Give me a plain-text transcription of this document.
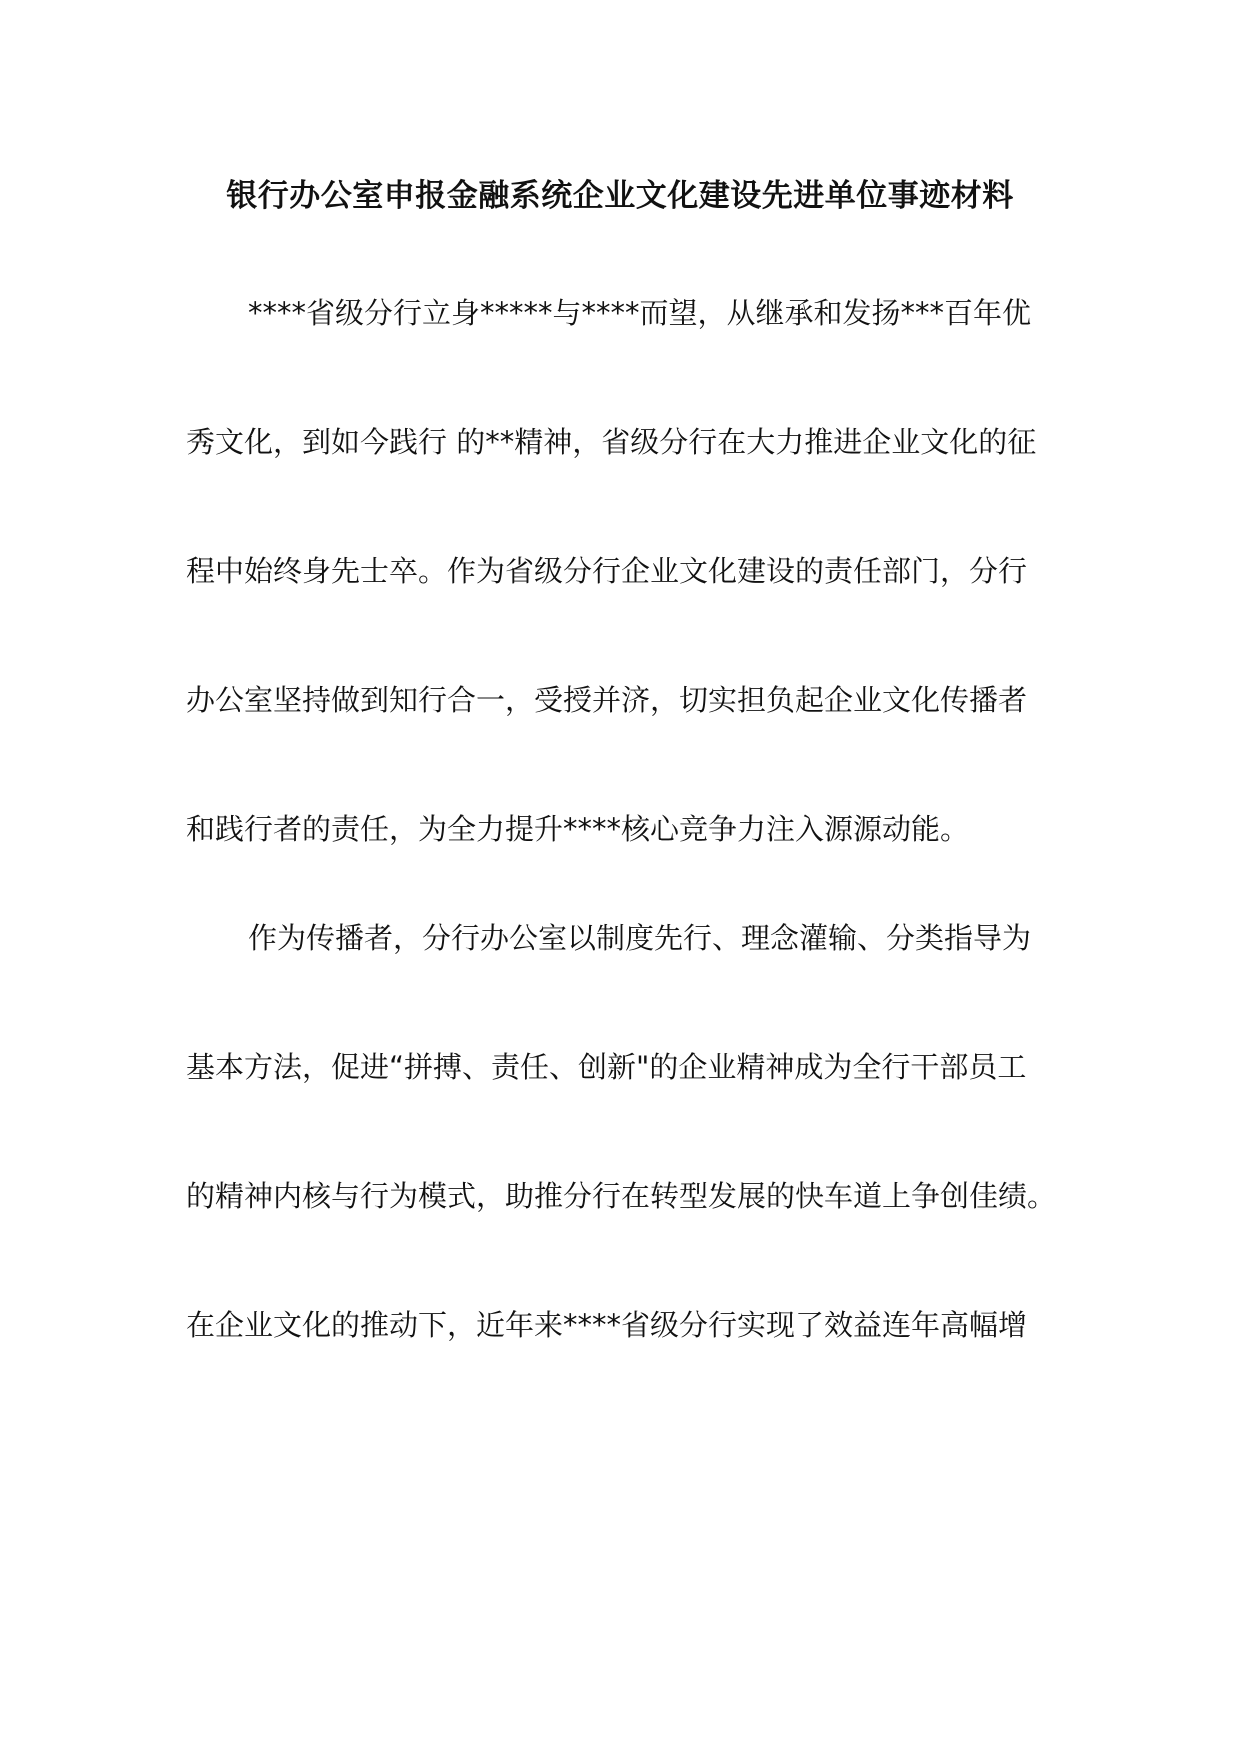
银行办公室申报金融系统企业文化建设先进单位事迹材料
****省级分行立身*****与****而望，从继承和发扬***百年优
秀文化，到如今践行 的**精神，省级分行在大力推进企业文化的征
程中始终身先士卒。作为省级分行企业文化建设的责任部门，分行
办公室坚持做到知行合一，受授并济，切实担负起企业文化传播者
和践行者的责任，为全力提升****核心竞争力注入源源动能。
作为传播者，分行办公室以制度先行、理念灌输、分类指导为
基本方法，促进“拼搏、责任、创新"的企业精神成为全行干部员工
的精神内核与行为模式，助推分行在转型发展的快车道上争创佳绩。
在企业文化的推动下，近年来****省级分行实现了效益连年高幅增
